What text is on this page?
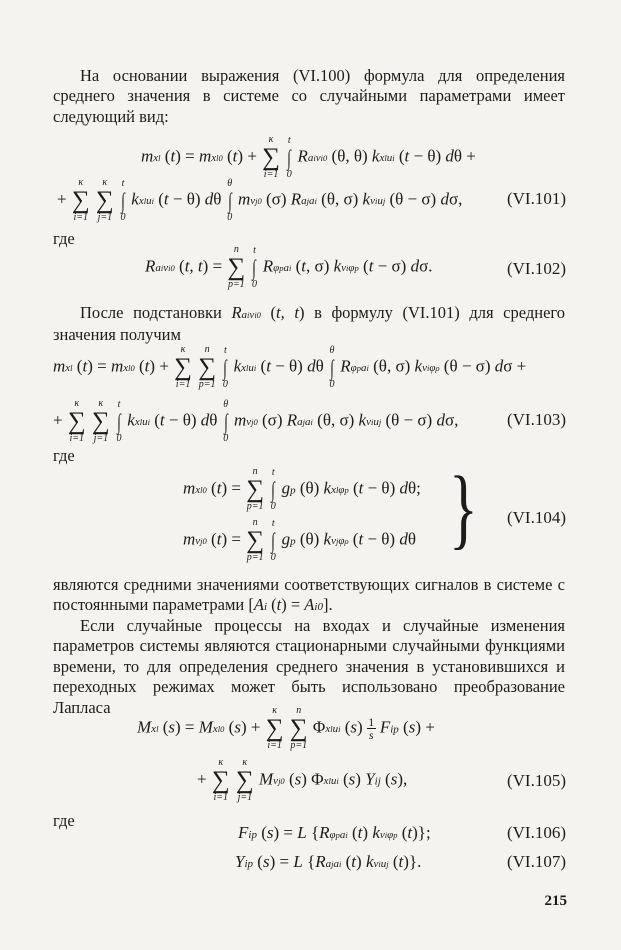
На основании выражения (VI.100) формула для определения среднего значения в системе со случайными параметрами имеет следующий вид:
mxl (t) = mxl0 (t) +
κ
∑
i=1

t
∫
0
Raivi0 (θ, θ) kxlui (t − θ) dθ +
+
κ
∑
i=1

κ
∑
j=1

t
∫
0
kxlui (t − θ) dθ
θ
∫
0
mvj0 (σ) Rajai (θ, σ) kviuj (θ − σ) dσ,	(VI.101)
где
Raivi0 (t, t) =
n
∑
p=1

t
∫
0
Rφpai (t, σ) kviφp (t − σ) dσ.	(VI.102)
После подстановки Raivi0 (t, t) в формулу (VI.101) для среднего значения получим
mxl (t) = mxl0 (t) +
κ
∑
i=1

n
∑
p=1

t
∫
0
kxlui (t − θ) dθ
θ
∫
0
Rφpai (θ, σ) kviφρ (θ − σ) dσ +
+
κ
∑
i=1

κ
∑
j=1

t
∫
0
kxlui (t − θ) dθ
θ
∫
0
mvj0 (σ) Rajai (θ, σ) kviuj (θ − σ) dσ,	(VI.103)
где
mxl0 (t) =
n
∑
p=1

t
∫
0
gp (θ) kxlφp (t − θ) dθ;
mvj0 (t) =
n
∑
p=1

t
∫
0
gp (θ) kvjφρ (t − θ) dθ } (VI.104)
являются средними значениями соответствующих сигналов в системе с постоянными параметрами [Ai (t) = Ai0].
Если случайные процессы на входах и случайные изменения параметров системы являются стационарными случайными функциями времени, то для определения среднего значения в установившихся и переходных режимах может быть использовано преобразование Лапласа
Mxl (s) = Mxl0 (s) +
κ
∑
i=1

n
∑
p=1
Φxlui (s) 1
s Fip (s) +
+
κ
∑
i=1

κ
∑
j=1
Mvj0 (s) Φxlui (s) Yij (s),	(VI.105)
где
Fip (s) = L {Rφpai (t) kviφp (t)};	(VI.106)
Yip (s) = L {Rajai (t) kviuj (t)}.	(VI.107)
215
